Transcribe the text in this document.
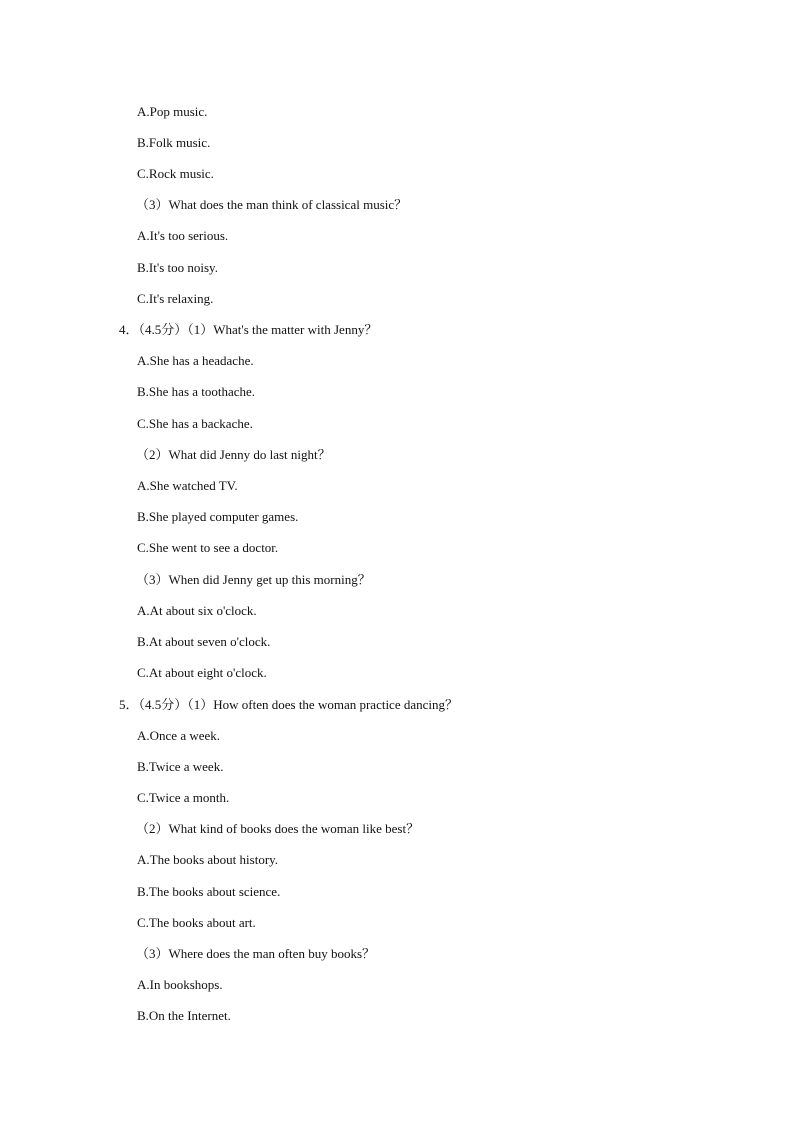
A.Pop music.
B.Folk music.
C.Rock music.
（3）What does the man think of classical music？
A.It's too serious.
B.It's too noisy.
C.It's relaxing.
4．（4.5分）（1）What's the matter with Jenny？
A.She has a headache.
B.She has a toothache.
C.She has a backache.
（2）What did Jenny do last night？
A.She watched TV.
B.She played computer games.
C.She went to see a doctor.
（3）When did Jenny get up this morning？
A.At about six o'clock.
B.At about seven o'clock.
C.At about eight o'clock.
5．（4.5分）（1）How often does the woman practice dancing？
A.Once a week.
B.Twice a week.
C.Twice a month.
（2）What kind of books does the woman like best？
A.The books about history.
B.The books about science.
C.The books about art.
（3）Where does the man often buy books？
A.In bookshops.
B.On the Internet.
